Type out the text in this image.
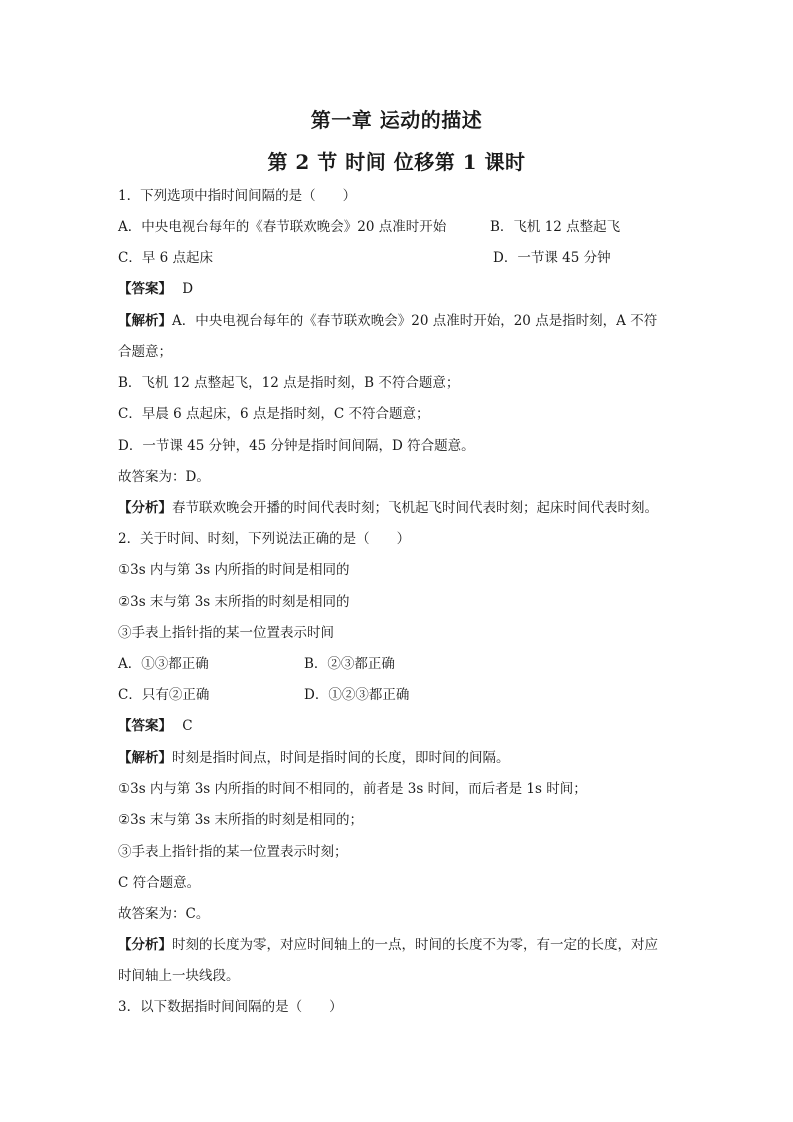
第一章 运动的描述
第 2 节 时间 位移第 1 课时
1．下列选项中指时间间隔的是（　　）
A．中央电视台每年的《春节联欢晚会》20 点准时开始	B．飞机 12 点整起飞
C．早 6 点起床	D．一节课 45 分钟
【答案】 D
【解析】A．中央电视台每年的《春节联欢晚会》20 点准时开始，20 点是指时刻，A 不符
合题意；
B．飞机 12 点整起飞，12 点是指时刻，B 不符合题意；
C．早晨 6 点起床，6 点是指时刻，C 不符合题意；
D．一节课 45 分钟，45 分钟是指时间间隔，D 符合题意。
故答案为：D。
【分析】春节联欢晚会开播的时间代表时刻；飞机起飞时间代表时刻；起床时间代表时刻。
2．关于时间、时刻，下列说法正确的是（　　）
①3s 内与第 3s 内所指的时间是相同的
②3s 末与第 3s 末所指的时刻是相同的
③手表上指针指的某一位置表示时间
A．①③都正确	B．②③都正确
C．只有②正确	D．①②③都正确
【答案】 C
【解析】时刻是指时间点，时间是指时间的长度，即时间的间隔。
①3s 内与第 3s 内所指的时间不相同的，前者是 3s 时间，而后者是 1s 时间；
②3s 末与第 3s 末所指的时刻是相同的；
③手表上指针指的某一位置表示时刻；
C 符合题意。
故答案为：C。
【分析】时刻的长度为零，对应时间轴上的一点，时间的长度不为零，有一定的长度，对应
时间轴上一块线段。
3．以下数据指时间间隔的是（　　）
